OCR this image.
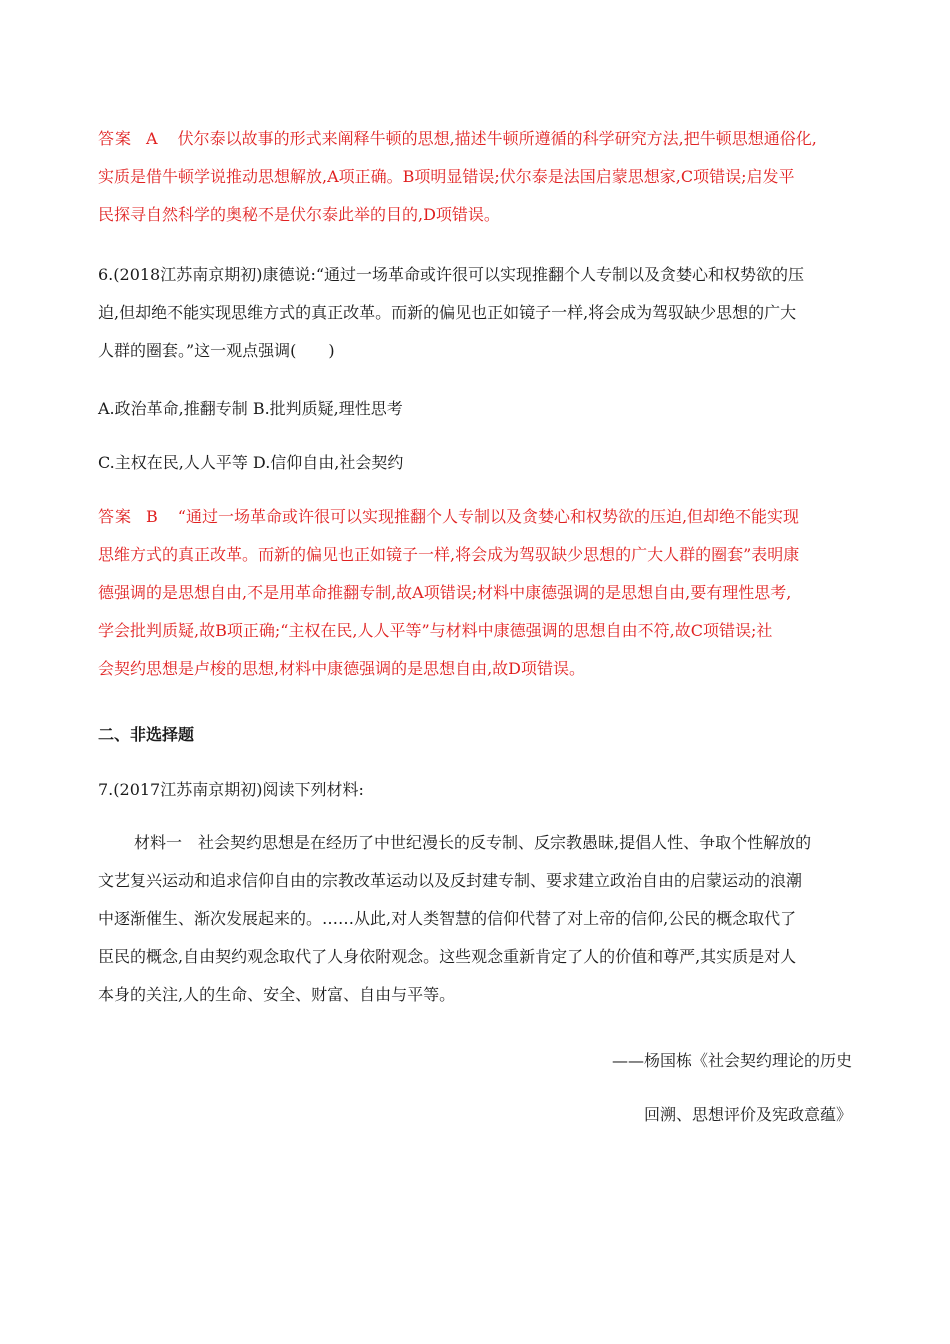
答案 A 伏尔泰以故事的形式来阐释牛顿的思想,描述牛顿所遵循的科学研究方法,把牛顿思想通俗化,
实质是借牛顿学说推动思想解放,A项正确。B项明显错误;伏尔泰是法国启蒙思想家,C项错误;启发平
民探寻自然科学的奥秘不是伏尔泰此举的目的,D项错误。
6.(2018江苏南京期初)康德说:“通过一场革命或许很可以实现推翻个人专制以及贪婪心和权势欲的压
迫,但却绝不能实现思维方式的真正改革。而新的偏见也正如镜子一样,将会成为驾驭缺少思想的广大
人群的圈套。”这一观点强调(　　)
A.政治革命,推翻专制 B.批判质疑,理性思考
C.主权在民,人人平等 D.信仰自由,社会契约
答案 B “通过一场革命或许很可以实现推翻个人专制以及贪婪心和权势欲的压迫,但却绝不能实现
思维方式的真正改革。而新的偏见也正如镜子一样,将会成为驾驭缺少思想的广大人群的圈套”表明康
德强调的是思想自由,不是用革命推翻专制,故A项错误;材料中康德强调的是思想自由,要有理性思考,
学会批判质疑,故B项正确;“主权在民,人人平等”与材料中康德强调的思想自由不符,故C项错误;社
会契约思想是卢梭的思想,材料中康德强调的是思想自由,故D项错误。
二、非选择题
7.(2017江苏南京期初)阅读下列材料:
材料一　社会契约思想是在经历了中世纪漫长的反专制、反宗教愚昧,提倡人性、争取个性解放的
文艺复兴运动和追求信仰自由的宗教改革运动以及反封建专制、要求建立政治自由的启蒙运动的浪潮
中逐渐催生、渐次发展起来的。……从此,对人类智慧的信仰代替了对上帝的信仰,公民的概念取代了
臣民的概念,自由契约观念取代了人身依附观念。这些观念重新肯定了人的价值和尊严,其实质是对人
本身的关注,人的生命、安全、财富、自由与平等。
——杨国栋《社会契约理论的历史
回溯、思想评价及宪政意蕴》
